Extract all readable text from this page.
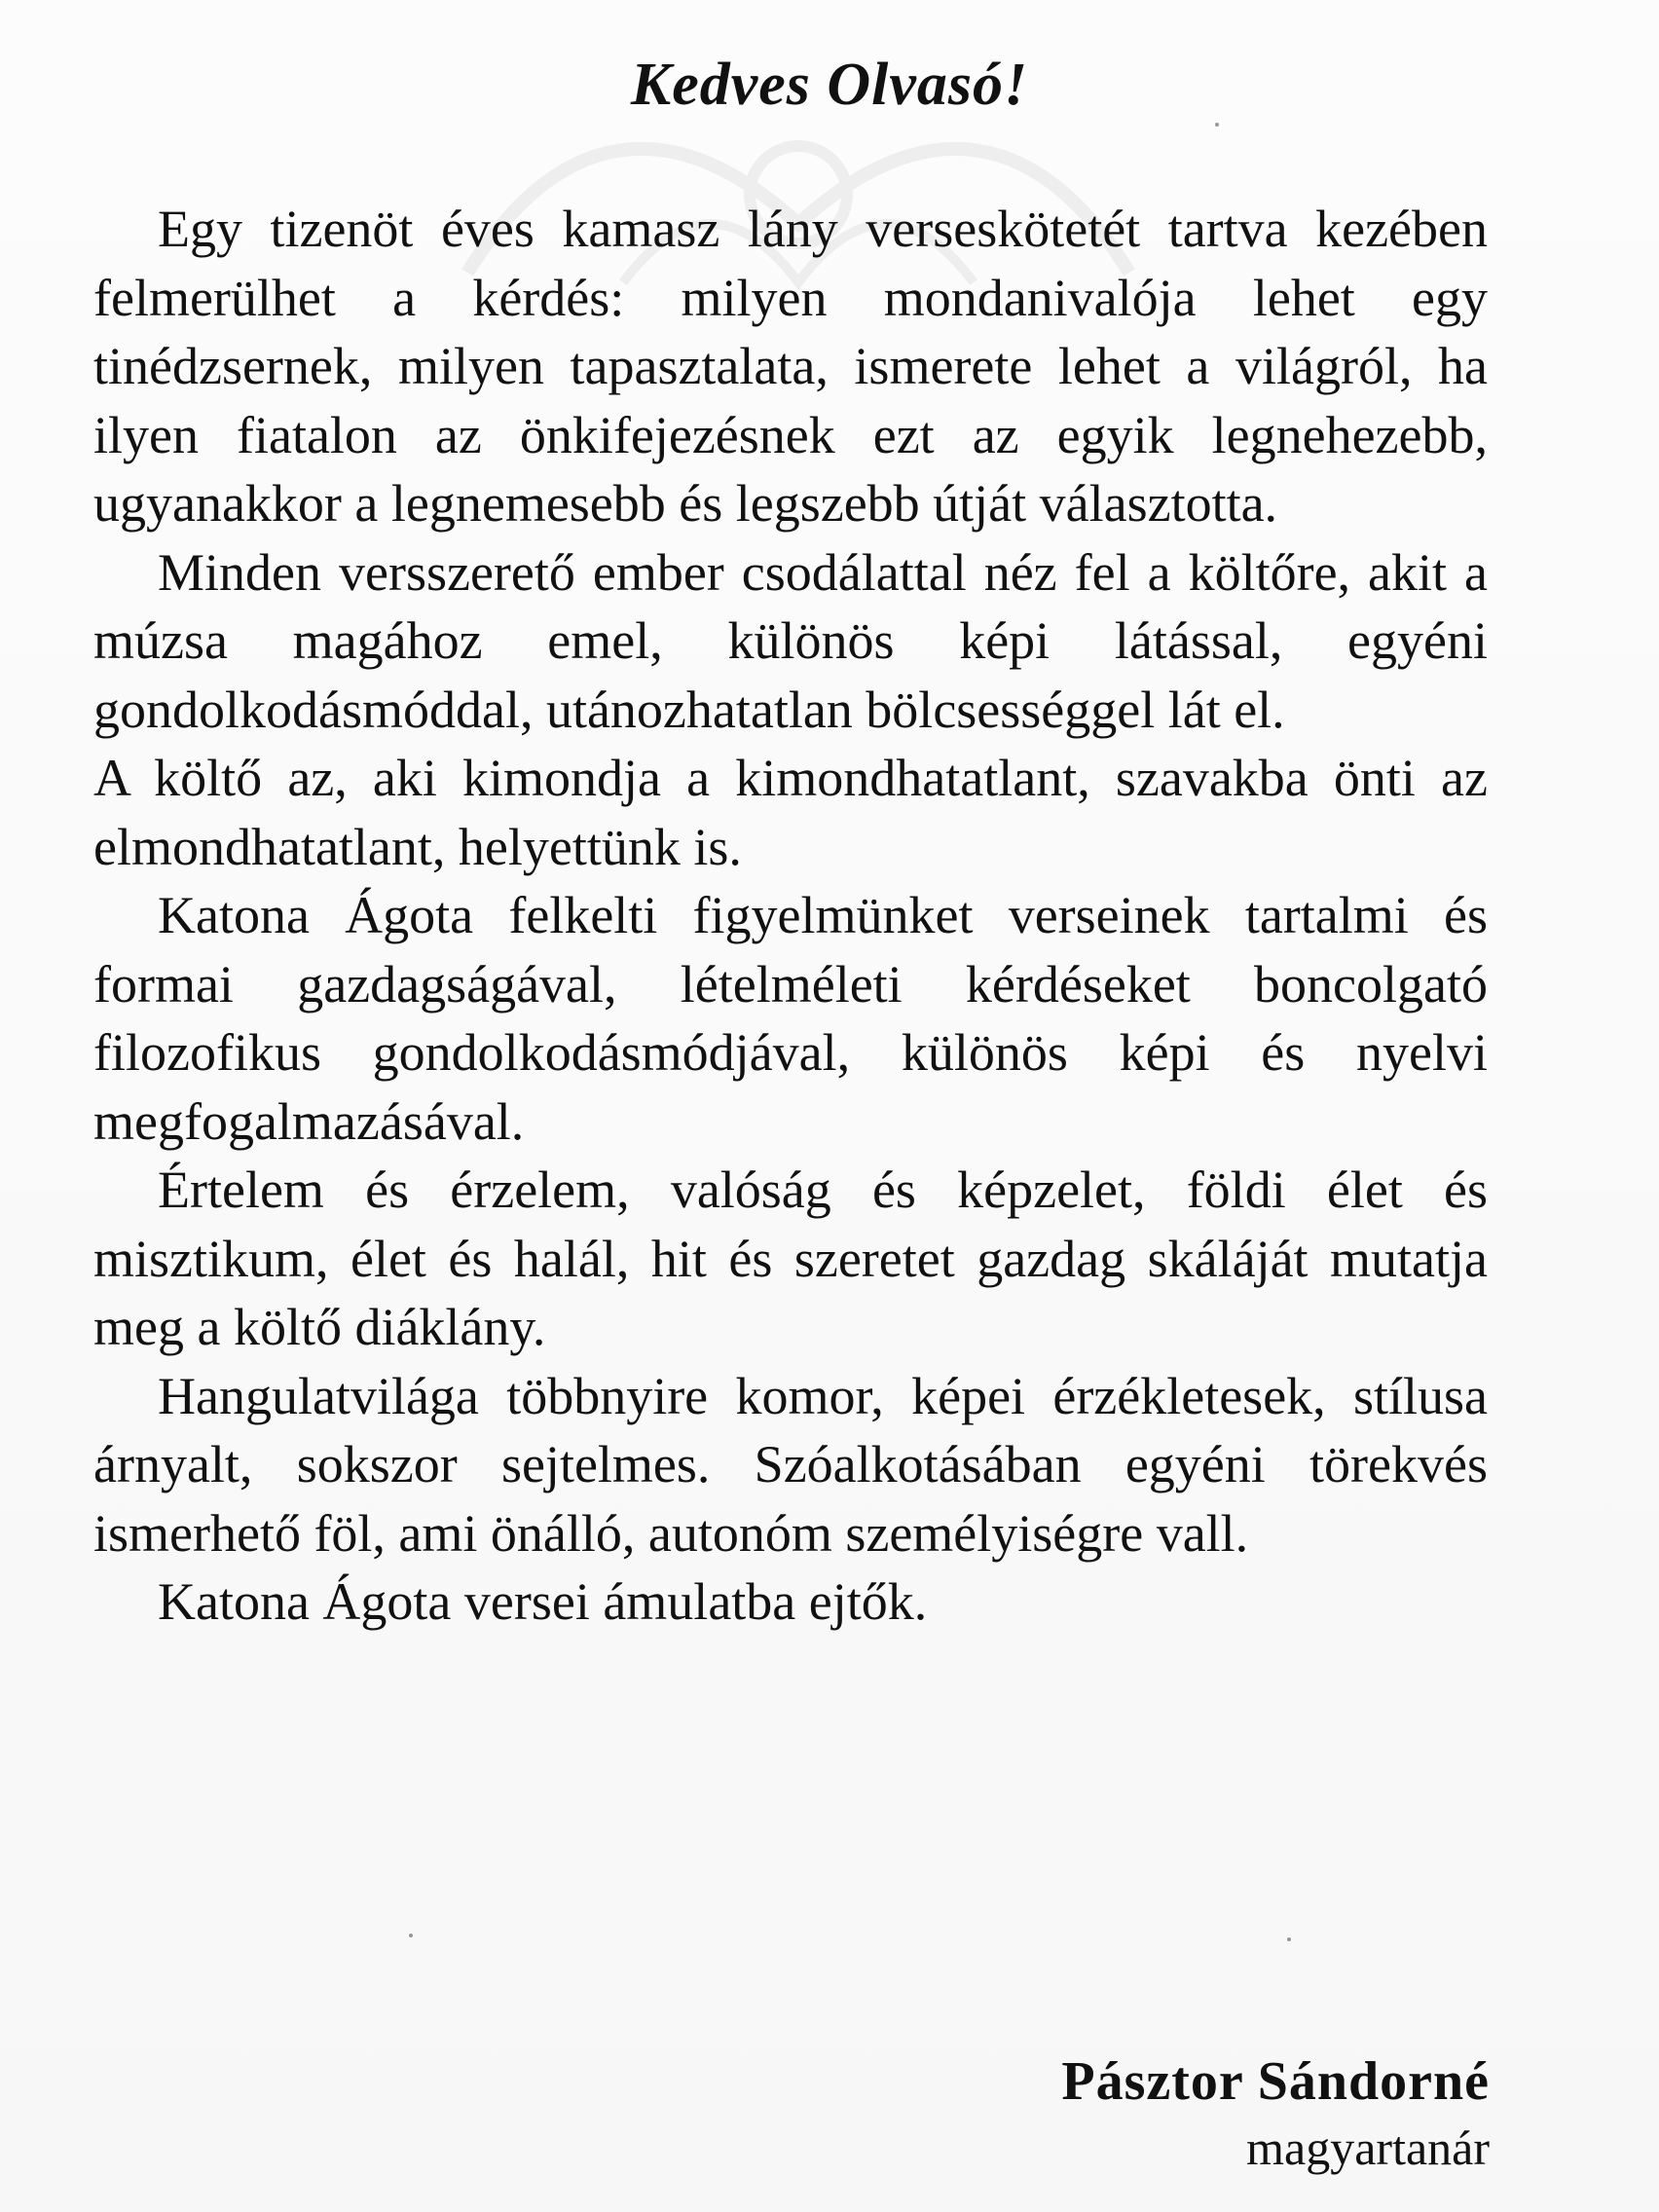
Kedves Olvasó!

Egy tizenöt éves kamasz lány verseskötetét tartva kezében felmerülhet a kérdés: milyen mondanivalója lehet egy tinédzsernek, milyen tapasztalata, ismerete lehet a világról, ha ilyen fiatalon az önkifejezésnek ezt az egyik legnehezebb, ugyanakkor a legnemesebb és legszebb útját választotta.

Minden versszerető ember csodálattal néz fel a költőre, akit a múzsa magához emel, különös képi látással, egyéni gondolkodásmóddal, utánozhatatlan bölcsességgel lát el.

A költő az, aki kimondja a kimondhatatlant, szavakba önti az elmondhatatlant, helyettünk is.

Katona Ágota felkelti figyelmünket verseinek tartalmi és formai gazdagságával, lételméleti kérdéseket boncolgató filozofikus gondolkodásmódjával, különös képi és nyelvi megfogalmazásával.

Értelem és érzelem, valóság és képzelet, földi élet és misztikum, élet és halál, hit és szeretet gazdag skáláját mutatja meg a költő diáklány.

Hangulatvilága többnyire komor, képei érzékletesek, stílusa árnyalt, sokszor sejtelmes. Szóalkotásában egyéni törekvés ismerhető föl, ami önálló, autonóm személyiségre vall.

Katona Ágota versei ámulatba ejtők.

Pásztor Sándorné
magyartanár
